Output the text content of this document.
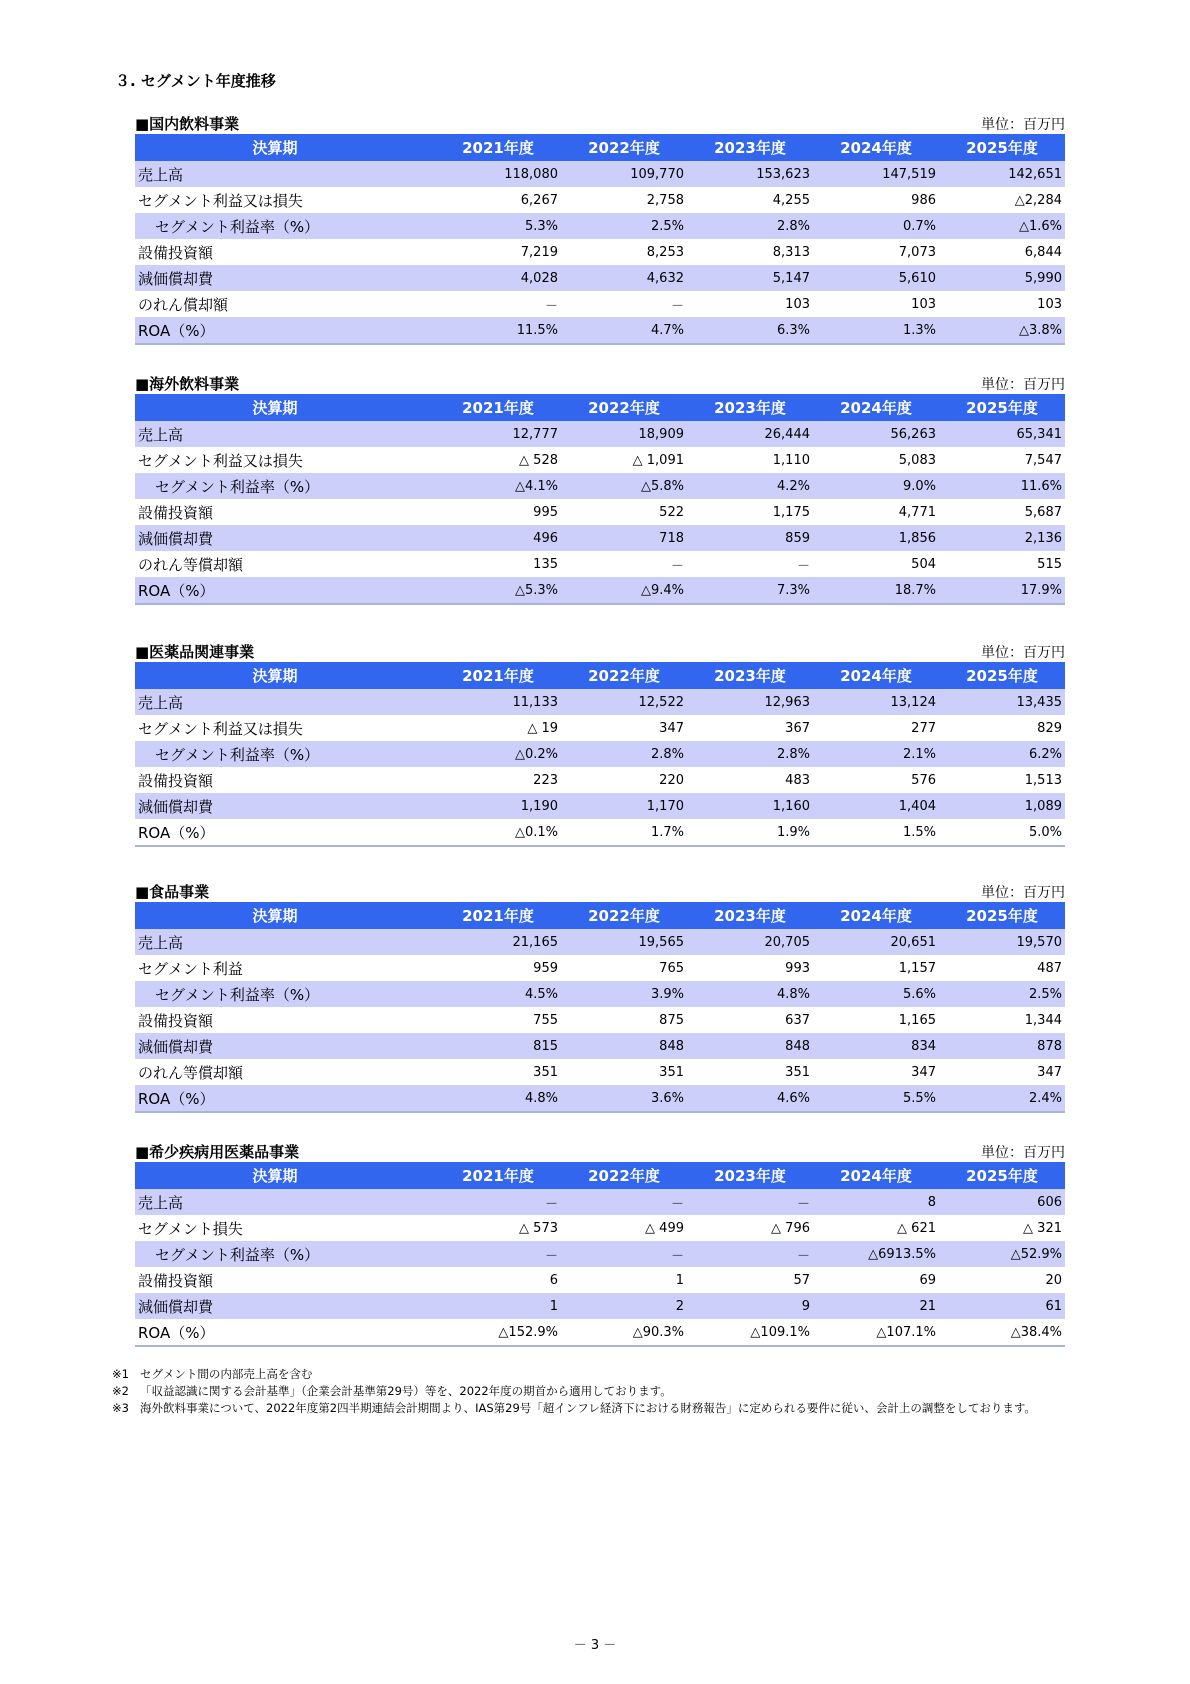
３. セグメント年度推移
■国内飲料事業	単位：百万円
決算期	2021年度	2022年度	2023年度	2024年度	2025年度
売上高	118,080	109,770	153,623	147,519	142,651
セグメント利益又は損失	6,267	2,758	4,255	986	△2,284
セグメント利益率（%）	5.3%	2.5%	2.8%	0.7%	△1.6%
設備投資額	7,219	8,253	8,313	7,073	6,844
減価償却費	4,028	4,632	5,147	5,610	5,990
のれん償却額	－	－	103	103	103
ROA（%）	11.5%	4.7%	6.3%	1.3%	△3.8%
■海外飲料事業	単位：百万円
決算期	2021年度	2022年度	2023年度	2024年度	2025年度
売上高	12,777	18,909	26,444	56,263	65,341
セグメント利益又は損失	△ 528	△ 1,091	1,110	5,083	7,547
セグメント利益率（%）	△4.1%	△5.8%	4.2%	9.0%	11.6%
設備投資額	995	522	1,175	4,771	5,687
減価償却費	496	718	859	1,856	2,136
のれん等償却額	135	－	－	504	515
ROA（%）	△5.3%	△9.4%	7.3%	18.7%	17.9%
■医薬品関連事業	単位：百万円
決算期	2021年度	2022年度	2023年度	2024年度	2025年度
売上高	11,133	12,522	12,963	13,124	13,435
セグメント利益又は損失	△ 19	347	367	277	829
セグメント利益率（%）	△0.2%	2.8%	2.8%	2.1%	6.2%
設備投資額	223	220	483	576	1,513
減価償却費	1,190	1,170	1,160	1,404	1,089
ROA（%）	△0.1%	1.7%	1.9%	1.5%	5.0%
■食品事業	単位：百万円
決算期	2021年度	2022年度	2023年度	2024年度	2025年度
売上高	21,165	19,565	20,705	20,651	19,570
セグメント利益	959	765	993	1,157	487
セグメント利益率（%）	4.5%	3.9%	4.8%	5.6%	2.5%
設備投資額	755	875	637	1,165	1,344
減価償却費	815	848	848	834	878
のれん等償却額	351	351	351	347	347
ROA（%）	4.8%	3.6%	4.6%	5.5%	2.4%
■希少疾病用医薬品事業	単位：百万円
決算期	2021年度	2022年度	2023年度	2024年度	2025年度
売上高	－	－	－	8	606
セグメント損失	△ 573	△ 499	△ 796	△ 621	△ 321
セグメント利益率（%）	－	－	－	△6913.5%	△52.9%
設備投資額	6	1	57	69	20
減価償却費	1	2	9	21	61
ROA（%）	△152.9%	△90.3%	△109.1%	△107.1%	△38.4%
※1 セグメント間の内部売上高を含む
※2 「収益認識に関する会計基準」（企業会計基準第29号）等を、2022年度の期首から適用しております。
※3 海外飲料事業について、2022年度第2四半期連結会計期間より、IAS第29号「超インフレ経済下における財務報告」に定められる要件に従い、会計上の調整をしております。
－ 3 －
